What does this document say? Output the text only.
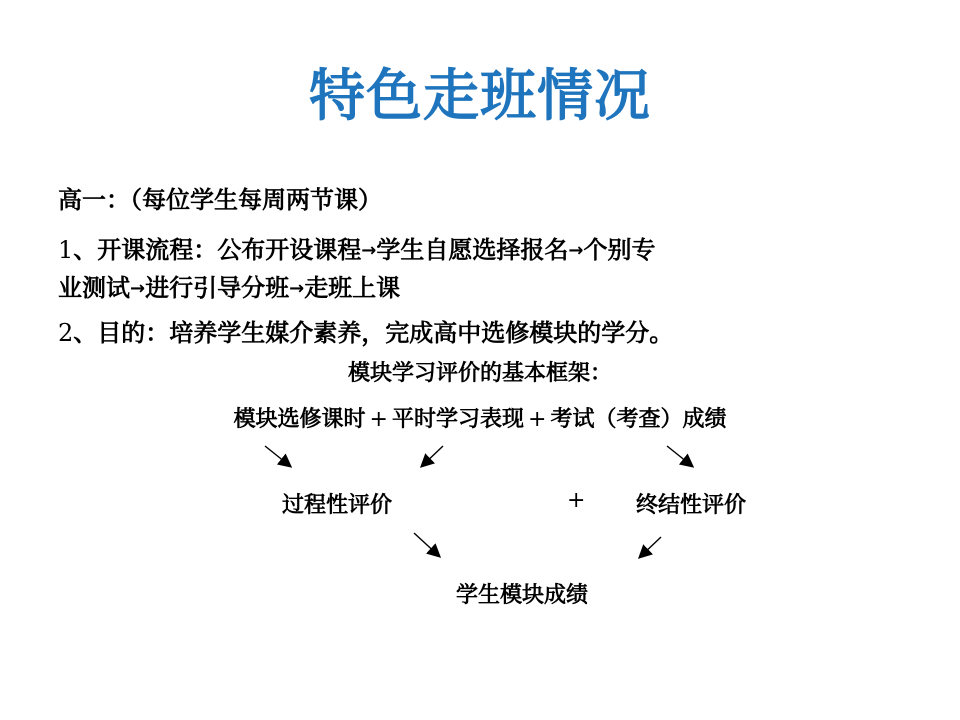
特色走班情况
高一：（每位学生每周两节课）
1、开课流程：公布开设课程→学生自愿选择报名→个别专
业测试→进行引导分班→走班上课
2、目的：培养学生媒介素养，完成高中选修模块的学分。
模块学习评价的基本框架：
模块选修课时 + 平时学习表现 + 考试（考查）成绩
过程性评价	+ 终结性评价
学生模块成绩
